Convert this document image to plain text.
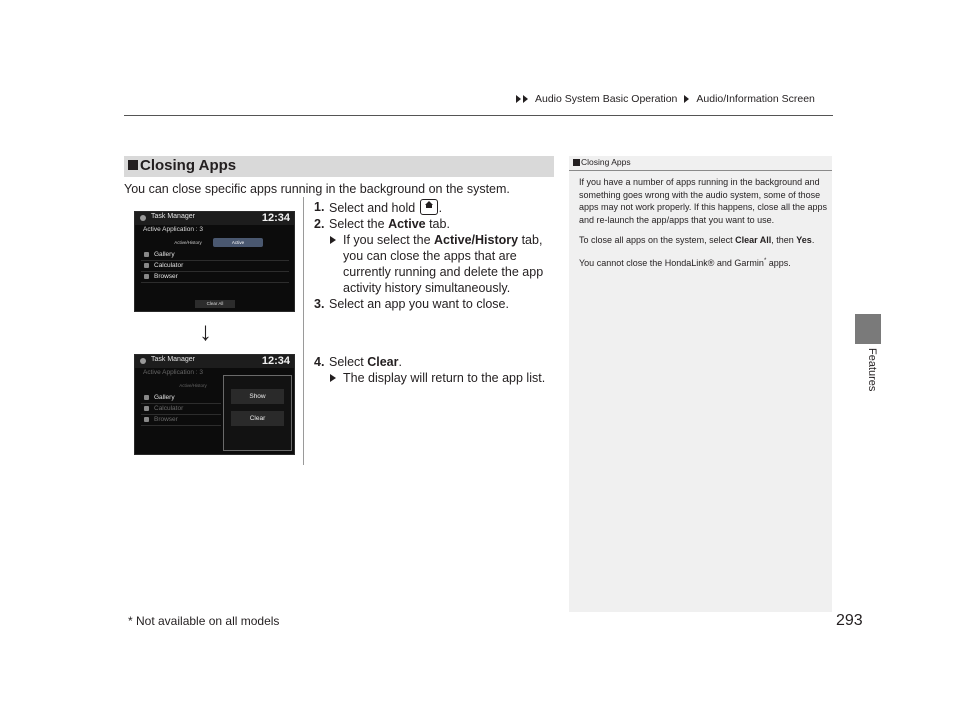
Audio System Basic Operation Audio/Information Screen
Features
Closing Apps
You can close specific apps running in the background on the system.
Task Manager	12:34
Active Application : 3
Active/History	Active
Gallery
Calculator
Browser
Clear All
↓
Task Manager	12:34
Active Application : 3
Active/History
Gallery
Calculator
Browser
Show
Clear
1. Select and hold .
2. Select the Active tab.
If you select the Active/History tab, you can close the apps that are currently running and delete the app activity history simultaneously.
3. Select an app you want to close.
4. Select Clear.
The display will return to the app list.
Closing Apps

If you have a number of apps running in the background and something goes wrong with the audio system, some of those apps may not work properly. If this happens, close all the apps and re-launch the app/apps that you want to use.

To close all apps on the system, select Clear All, then Yes.

You cannot close the HondaLink® and Garmin* apps.

* Not available on all models	293
